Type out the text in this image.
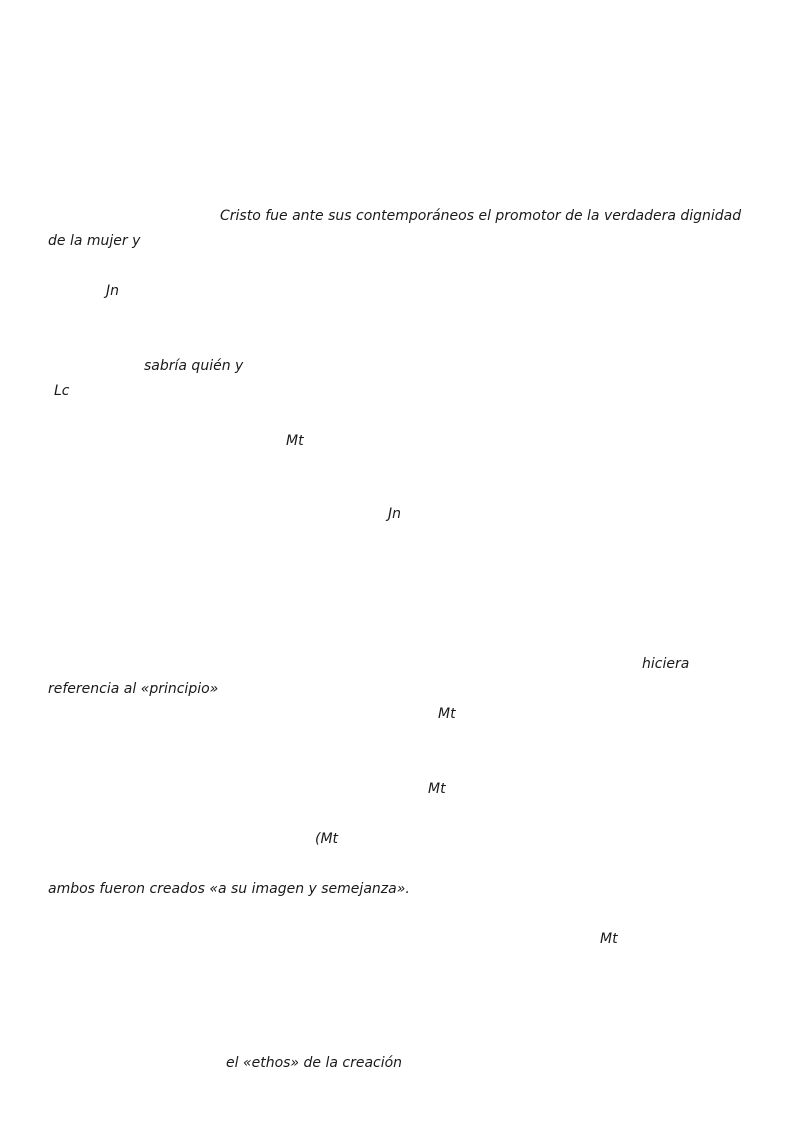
Cristo fue ante sus contemporáneos el promotor de la verdadera dignidad
de la mujer y
Jn
sabría quién y
Lc
Mt
Jn
hiciera
referencia al «principio»
Mt
Mt
(Mt
ambos fueron creados «a su imagen y semejanza».
Mt
el «ethos» de la creación
